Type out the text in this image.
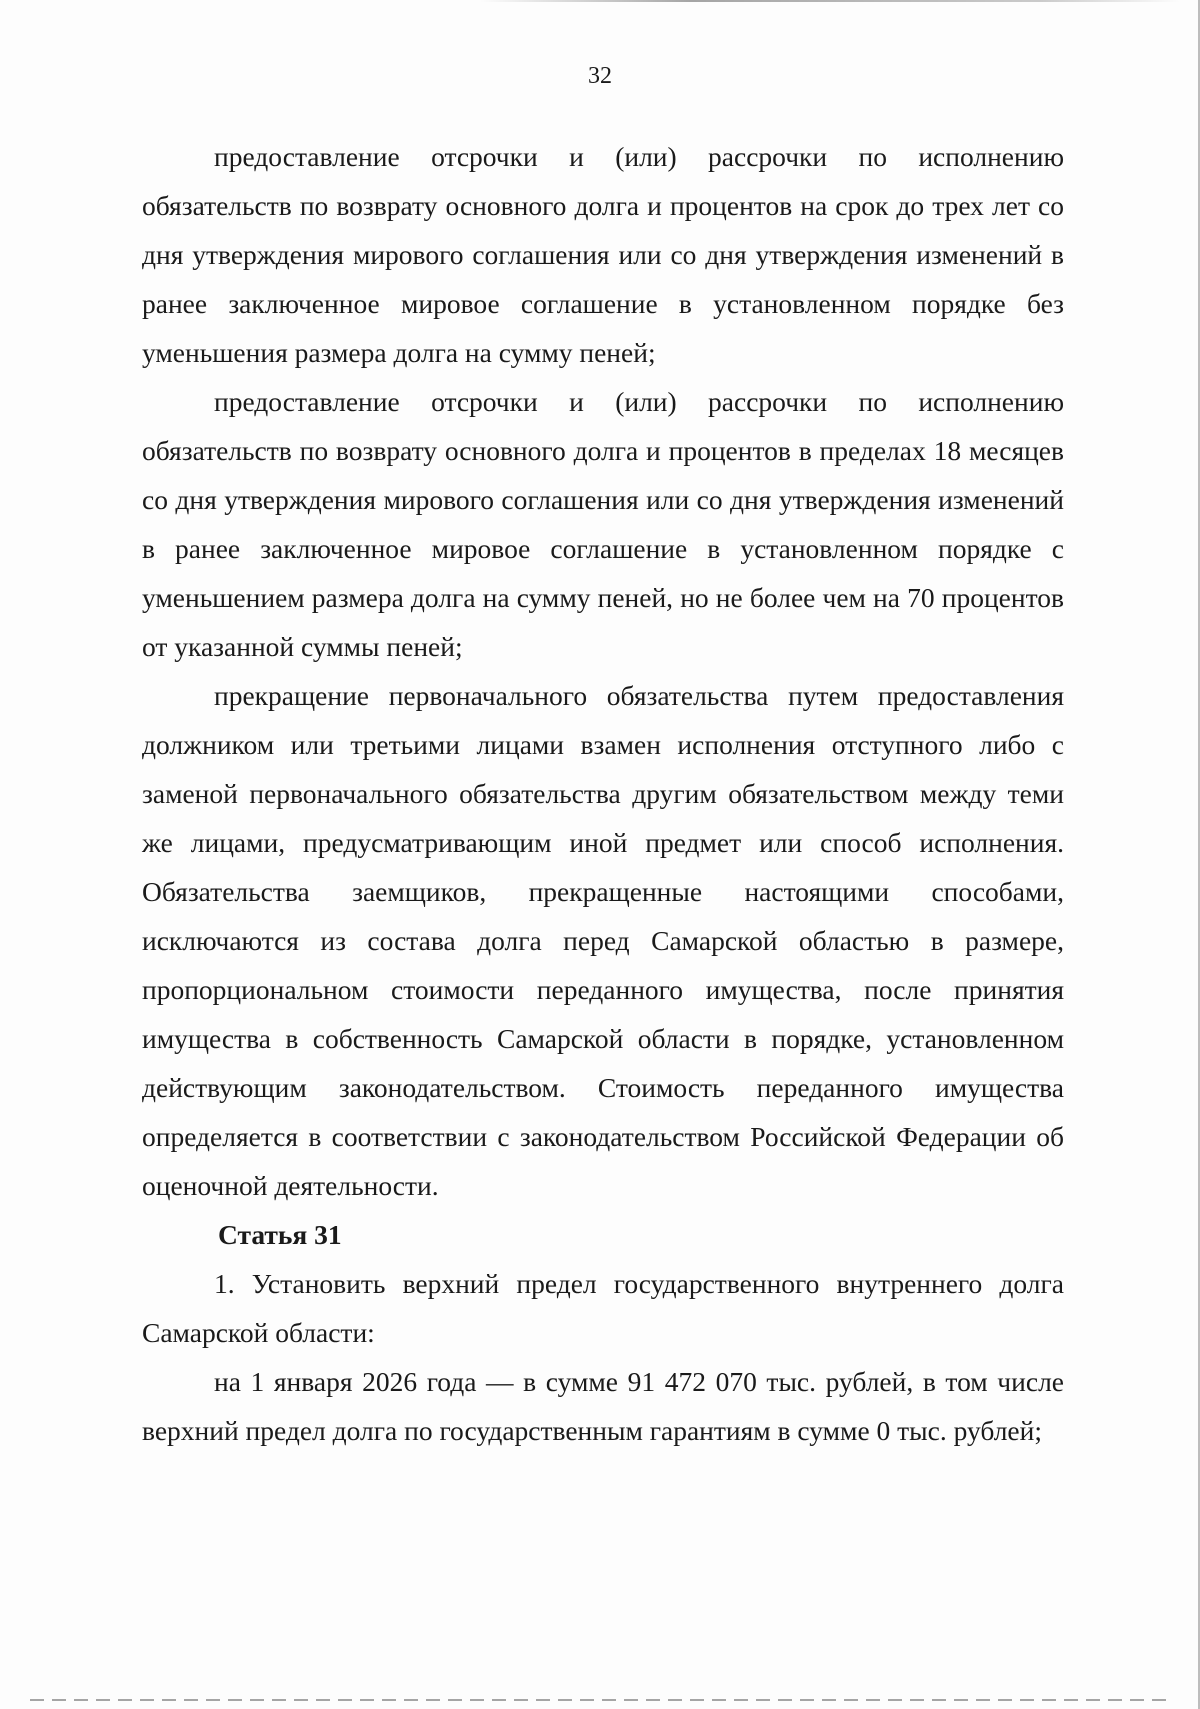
32

предоставление отсрочки и (или) рассрочки по исполнению обязательств по возврату основного долга и процентов на срок до трех лет со дня утверждения мирового соглашения или со дня утверждения изменений в ранее заключенное мировое соглашение в установленном порядке без уменьшения размера долга на сумму пеней;

предоставление отсрочки и (или) рассрочки по исполнению обязательств по возврату основного долга и процентов в пределах 18 месяцев со дня утверждения мирового соглашения или со дня утверждения изменений в ранее заключенное мировое соглашение в установленном порядке с уменьшением размера долга на сумму пеней, но не более чем на 70 процентов от указанной суммы пеней;

прекращение первоначального обязательства путем предоставления должником или третьими лицами взамен исполнения отступного либо с заменой первоначального обязательства другим обязательством между теми же лицами, предусматривающим иной предмет или способ исполнения. Обязательства заемщиков, прекращенные настоящими способами, исключаются из состава долга перед Самарской областью в размере, пропорциональном стоимости переданного имущества, после принятия имущества в собственность Самарской области в порядке, установленном действующим законодательством. Стоимость переданного имущества определяется в соответствии с законодательством Российской Федерации об оценочной деятельности.

Статья 31

1. Установить верхний предел государственного внутреннего долга Самарской области:

на 1 января 2026 года — в сумме 91 472 070 тыс. рублей, в том числе верхний предел долга по государственным гарантиям в сумме 0 тыс. рублей;
